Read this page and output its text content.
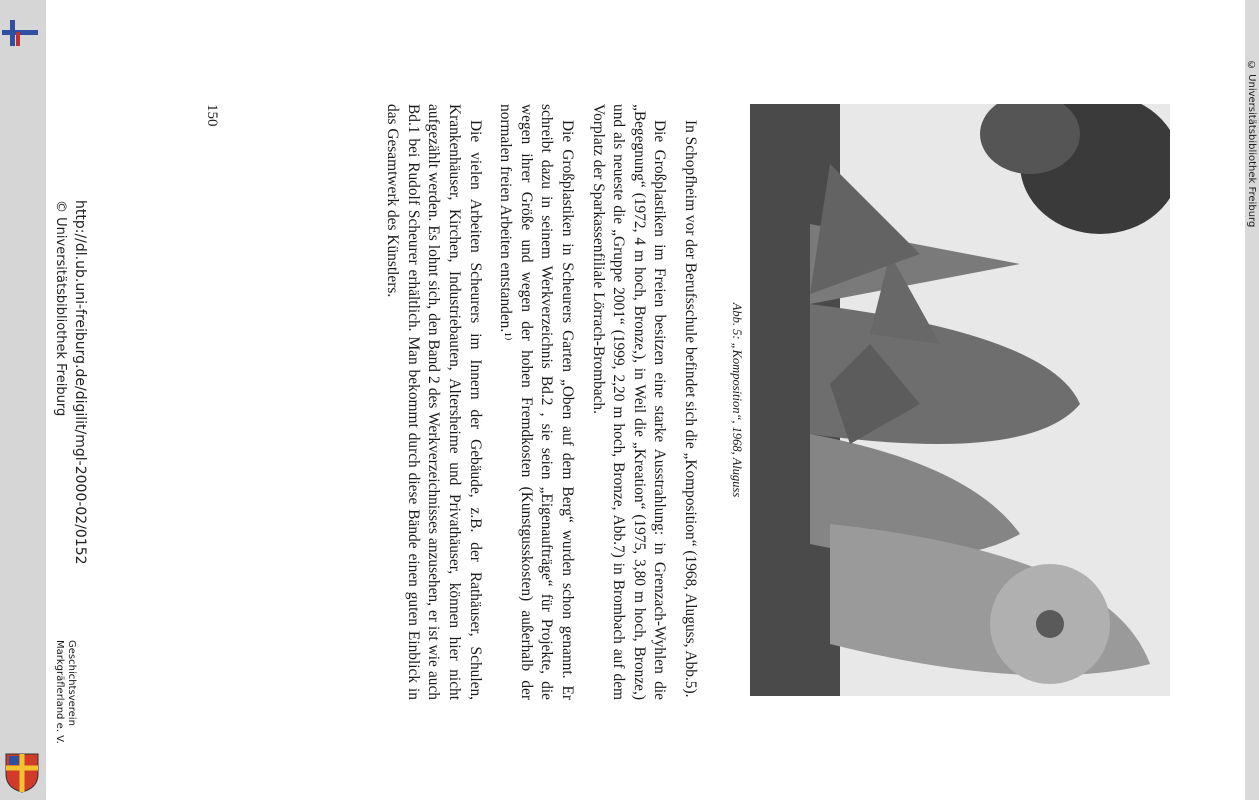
Abb. 5: „Komposition“, 1968, Aluguss

In Schopfheim vor der Berufsschule befindet sich die „Komposition“ (1968, Aluguss, Abb.5).

Die Großplastiken im Freien besitzen eine starke Ausstrahlung: in Grenzach-Wyhlen die „Begegnung“ (1972, 4 m hoch, Bronze,), in Weil die „Kreation“ (1975, 3,80 m hoch, Bronze,) und als neueste die „Gruppe 2001“ (1999, 2,20 m hoch, Bronze, Abb.7) in Brombach auf dem Vorplatz der Sparkassenfiliale Lörrach-Brombach.

Die Großplastiken in Scheurers Garten „Oben auf dem Berg“ wurden schon genannt. Er schreibt dazu in seinem Werkverzeichnis Bd.2 , sie seien „Eigenaufträge“ für Projekte, die wegen ihrer Größe und wegen der hohen Fremdkosten (Kunstgusskosten) außerhalb der normalen freien Arbeiten entstanden.¹⁾

Die vielen Arbeiten Scheurers im Innern der Gebäude, z.B. der Rathäuser, Schulen, Krankenhäuser, Kirchen, Industriebauten, Altersheime und Privathäuser, können hier nicht aufgezählt werden. Es lohnt sich, den Band 2 des Werkverzeichnisses anzusehen, er ist wie auch Bd.1 bei Rudolf Scheurer erhältlich. Man bekommt durch diese Bände einen guten Einblick in das Gesamtwerk des Künstlers.

150
http://dl.ub.uni-freiburg.de/digilit/mgl-2000-02/0152
© Universitätsbibliothek Freiburg
Geschichtsverein
Markgräflerland e. V.
© Universitätsbibliothek Freiburg
